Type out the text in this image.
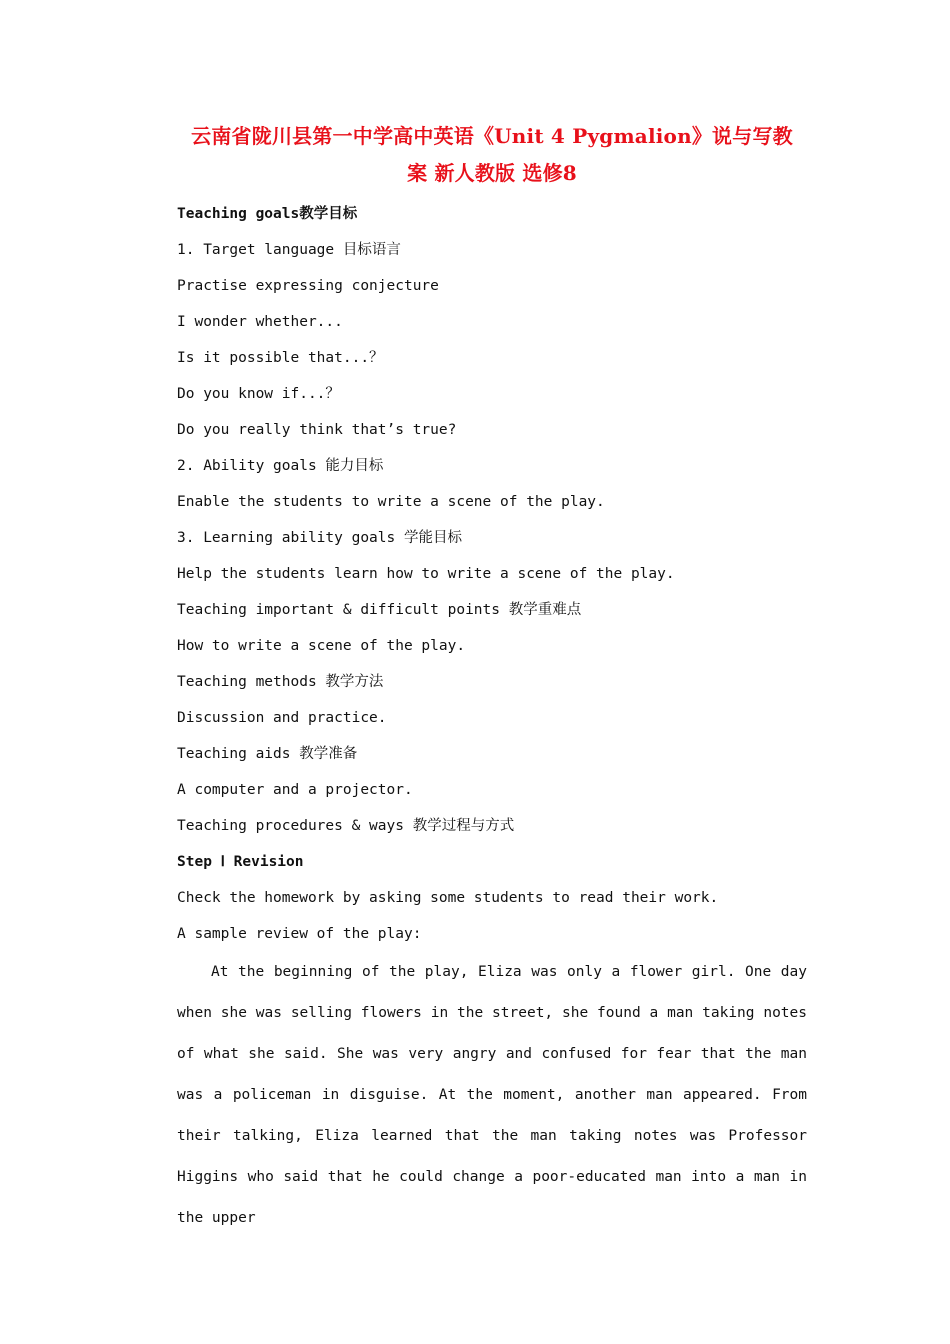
云南省陇川县第一中学高中英语《Unit 4 Pygmalion》说与写教
案 新人教版 选修8
Teaching goals教学目标
1. Target language 目标语言
Practise expressing conjecture
I wonder whether...
Is it possible that...？
Do you know if...？
Do you really think that’s true?
2. Ability goals 能力目标
Enable the students to write a scene of the play.
3. Learning ability goals 学能目标
Help the students learn how to write a scene of the play.
Teaching important & difficult points 教学重难点
How to write a scene of the play.
Teaching methods 教学方法
Discussion and practice.
Teaching aids 教学准备
A computer and a projector.
Teaching procedures & ways 教学过程与方式
Step Ⅰ Revision
Check the homework by asking some students to read their work.
A sample review of the play:

At the beginning of the play, Eliza was only a flower girl. One day when she was selling flowers in the street, she found a man taking notes of what she said. She was very angry and confused for fear that the man was a policeman in disguise. At the moment, another man appeared. From their talking, Eliza learned that the man taking notes was Professor Higgins who said that he could change a poor-educated man into a man in the upper
